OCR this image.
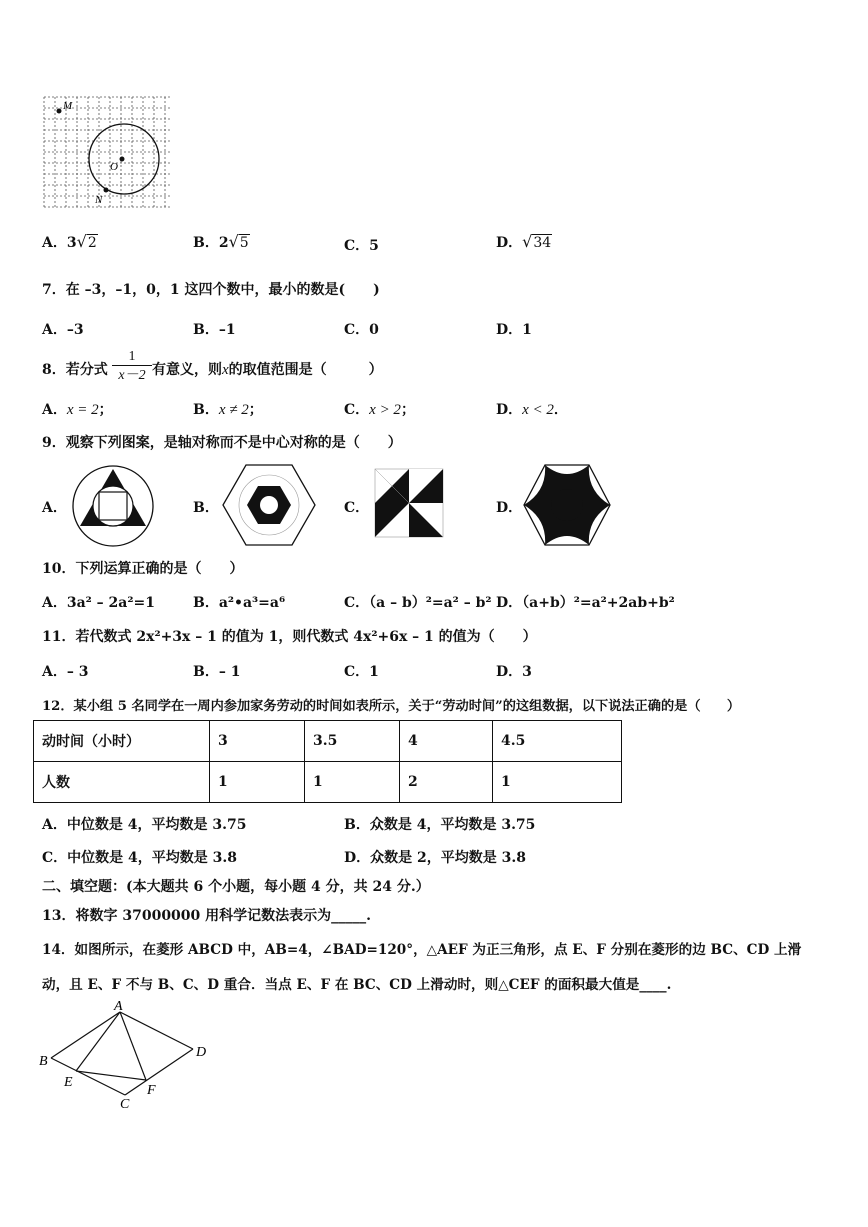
M
O
N
A．3√2	B．2√5	C．5	D．√34
7．在 –3，–1，0，1 这四个数中，最小的数是(　　)
A．–3	B．–1	C．0	D．1
8．若分式 $\frac{1}{x-2}$ 有意义，则x的取值范围是（　　　）
A．x = 2；	B．x ≠ 2；	C．x > 2；	D．x < 2．
9．观察下列图案，是轴对称而不是中心对称的是（　　）
A．	B．	C．	D．
10．下列运算正确的是（　　）
A．3a² – 2a²=1	B．a²•a³=a⁶	C．（a – b）²=a² – b² D．（a+b）²=a²+2ab+b²
11．若代数式 2x²+3x – 1 的值为 1，则代数式 4x²+6x – 1 的值为（　　）
A．– 3	B．– 1	C．1	D．3
12．某小组 5 名同学在一周内参加家务劳动的时间如表所示，关于“劳动时间”的这组数据，以下说法正确的是（　　）
动时间（小时）	3	3.5	4	4.5
人数	1	1	2	1
A．中位数是 4，平均数是 3.75	B．众数是 4，平均数是 3.75
C．中位数是 4，平均数是 3.8	D．众数是 2，平均数是 3.8
二、填空题：(本大题共 6 个小题，每小题 4 分，共 24 分.）
13．将数字 37000000 用科学记数法表示为_____.
14．如图所示，在菱形 ABCD 中，AB=4，∠BAD=120°，△AEF 为正三角形，点 E、F 分别在菱形的边 BC、CD 上滑
动，且 E、F 不与 B、C、D 重合．当点 E、F 在 BC、CD 上滑动时，则△CEF 的面积最大值是____.
A
B
D
E
F
C
